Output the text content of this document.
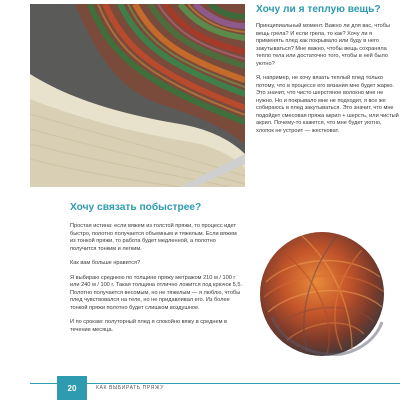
Хочу ли я теплую вещь?

Принципиальный момент. Важно ли для вас, чтобы вещь грела? И если грела, то как? Хочу ли я применять плед как покрывало или буду в него закутываться? Мне важно, чтобы вещь сохраняла тепло тела или достаточно того, чтобы в ней было уютно?

Я, например, не хочу вязать теплый плед только потому, что в процессе его вязания мне будет жарко. Это значит, что чисто шерстяное волокно мне не нужно. Но и покрывало мне не подходит, я все же собираюсь в плед закутываться. Это значит, что мне подойдет смесовая пряжа акрил + шерсть, или чистый акрил. Почему-то кажется, что мне будет уютно, хлопок не устроит — жестковат.

Хочу связать побыстрее?

Простая истина: если вяжем из толстой пряжи, то процесс идет быстро, полотно получается объемным и тяжелым. Если вяжем из тонкой пряжи, то работа будет медленной, а полотно получится тонким и легким.

Как вам больше нравится?

Я выбираю среднюю по толщине пряжу метражом 210 м / 100 г или 240 м / 100 г. Такая толщина отлично ложится под крючок 5,5. Полотно получается весомым, но не тяжелым — я люблю, чтобы плед чувствовался на теле, но не придавливал его. Из более тонкой пряжи полотно будет слишком воздушное.

И по срокам: полуторный плед я спокойно вяжу в среднем в течение месяца.

20	КАК ВЫБИРАТЬ ПРЯЖУ
